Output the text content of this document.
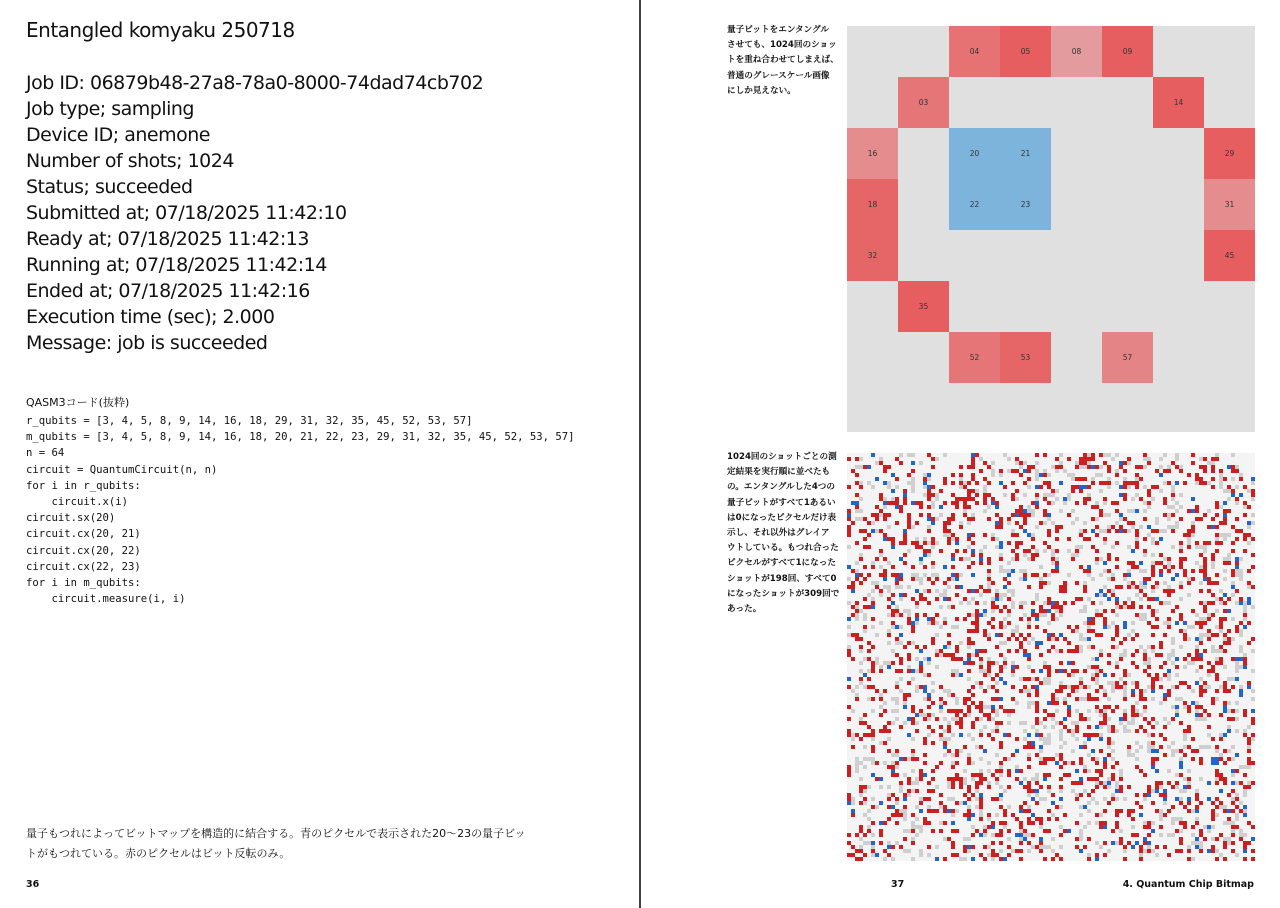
Entangled komyaku 250718
Job ID: 06879b48-27a8-78a0-8000-74dad74cb702
Job type; sampling
Device ID; anemone
Number of shots; 1024
Status; succeeded
Submitted at; 07/18/2025 11:42:10
Ready at; 07/18/2025 11:42:13
Running at; 07/18/2025 11:42:14
Ended at; 07/18/2025 11:42:16
Execution time (sec); 2.000
Message: job is succeeded
QASM3コード(抜粋)
r_qubits = [3, 4, 5, 8, 9, 14, 16, 18, 29, 31, 32, 35, 45, 52, 53, 57]
m_qubits = [3, 4, 5, 8, 9, 14, 16, 18, 20, 21, 22, 23, 29, 31, 32, 35, 45, 52, 53, 57]
n = 64
circuit = QuantumCircuit(n, n)
for i in r_qubits:
circuit.x(i)
circuit.sx(20)
circuit.cx(20, 21)
circuit.cx(20, 22)
circuit.cx(22, 23)
for i in m_qubits:
circuit.measure(i, i)
量子もつれによってビットマップを構造的に結合する。青のピクセルで表示された20〜23の量子ビッ
トがもつれている。赤のピクセルはビット反転のみ。
36
量子ビットをエンタングル
させても、1024回のショッ
トを重ね合わせてしまえば、
普通のグレースケール画像
にしか見えない。
04	05	08	09
03	14
16	20	21	29
18	22	23	31
32	45
35
52	53	57
1024回のショットごとの測
定結果を実行順に並べたも
の。エンタングルした4つの
量子ビットがすべて1あるい
は0になったピクセルだけ表
示し、それ以外はグレイア
ウトしている。もつれ合った
ピクセルがすべて1になった
ショットが198回、すべて0
になったショットが309回で
あった。
37	4. Quantum Chip Bitmap
